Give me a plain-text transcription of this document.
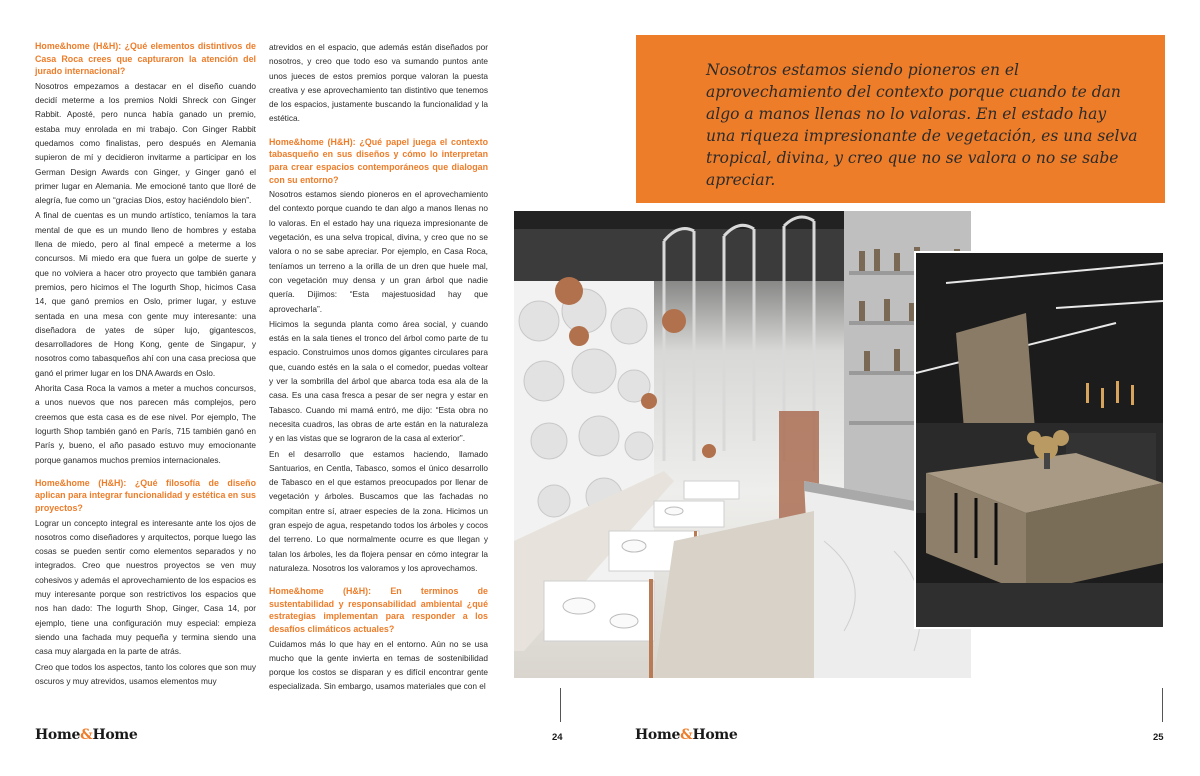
Home&home (H&H): ¿Qué elementos distintivos de Casa Roca crees que capturaron la atención del jurado internacional?
Nosotros empezamos a destacar en el diseño cuando decidí meterme a los premios Noldi Shreck con Ginger Rabbit. Aposté, pero nunca había ganado un premio, estaba muy enrolada en mi trabajo. Con Ginger Rabbit quedamos como finalistas, pero después en Alemania supieron de mí y decidieron invitarme a participar en los German Design Awards con Ginger, y Ginger ganó el primer lugar en Alemania. Me emocioné tanto que lloré de alegría, fue como un “gracias Dios, estoy haciéndolo bien”.
A final de cuentas es un mundo artístico, teníamos la tara mental de que es un mundo lleno de hombres y estaba llena de miedo, pero al final empecé a meterme a los concursos. Mi miedo era que fuera un golpe de suerte y que no volviera a hacer otro proyecto que también ganara premios, pero hicimos el The Iogurth Shop, hicimos Casa 14, que ganó premios en Oslo, primer lugar, y estuve sentada en una mesa con gente muy interesante: una diseñadora de yates de súper lujo, gigantescos, desarrolladores de Hong Kong, gente de Singapur, y nosotros como tabasqueños ahí con una casa preciosa que ganó el primer lugar en los DNA Awards en Oslo.
Ahorita Casa Roca la vamos a meter a muchos concursos, a unos nuevos que nos parecen más complejos, pero creemos que esta casa es de ese nivel. Por ejemplo, The Iogurth Shop también ganó en París, 715 también ganó en París y, bueno, el año pasado estuvo muy emocionante porque ganamos muchos premios internacionales.
Home&home (H&H): ¿Qué filosofía de diseño aplican para integrar funcionalidad y estética en sus proyectos?
Lograr un concepto integral es interesante ante los ojos de nosotros como diseñadores y arquitectos, porque luego las cosas se pueden sentir como elementos separados y no integrados. Creo que nuestros proyectos se ven muy cohesivos y además el aprovechamiento de los espacios es muy interesante porque son restrictivos los espacios que nos han dado: The Iogurth Shop, Ginger, Casa 14, por ejemplo, tiene una configuración muy especial: empieza siendo una fachada muy pequeña y termina siendo una casa muy alargada en la parte de atrás.
Creo que todos los aspectos, tanto los colores que son muy oscuros y muy atrevidos, usamos elementos muy
atrevidos en el espacio, que además están diseñados por nosotros, y creo que todo eso va sumando puntos ante unos jueces de estos premios porque valoran la puesta creativa y ese aprovechamiento tan distintivo que tenemos de los espacios, justamente buscando la funcionalidad y la estética.
Home&home (H&H): ¿Qué papel juega el contexto tabasqueño en sus diseños y cómo lo interpretan para crear espacios contemporáneos que dialogan con su entorno?
Nosotros estamos siendo pioneros en el aprovechamiento del contexto porque cuando te dan algo a manos llenas no lo valoras. En el estado hay una riqueza impresionante de vegetación, es una selva tropical, divina, y creo que no se valora o no se sabe apreciar. Por ejemplo, en Casa Roca, teníamos un terreno a la orilla de un dren que huele mal, con vegetación muy densa y un gran árbol que nadie quería. Dijimos: “Esta majestuosidad hay que aprovecharla”.
Hicimos la segunda planta como área social, y cuando estás en la sala tienes el tronco del árbol como parte de tu espacio. Construimos unos domos gigantes circulares para que, cuando estés en la sala o el comedor, puedas voltear y ver la sombrilla del árbol que abarca toda esa ala de la casa. Es una casa fresca a pesar de ser negra y estar en Tabasco. Cuando mi mamá entró, me dijo: “Esta obra no necesita cuadros, las obras de arte están en la naturaleza y en las vistas que se lograron de la casa al exterior”.
En el desarrollo que estamos haciendo, llamado Santuarios, en Centla, Tabasco, somos el único desarrollo de Tabasco en el que estamos preocupados por llenar de vegetación y árboles. Buscamos que las fachadas no compitan entre sí, atraer especies de la zona. Hicimos un gran espejo de agua, respetando todos los árboles y cocos del terreno. Lo que normalmente ocurre es que llegan y talan los árboles, les da flojera pensar en cómo integrar la naturaleza. Nosotros los valoramos y los aprovechamos.
Home&home (H&H): En terminos de sustentabilidad y responsabilidad ambiental ¿qué estrategias implementan para responder a los desafíos climáticos actuales?
Cuidamos más lo que hay en el entorno. Aún no se usa mucho que la gente invierta en temas de sostenibilidad porque los costos se disparan y es difícil encontrar gente especializada. Sin embargo, usamos materiales que con el
Home&Home	24
Nosotros estamos siendo pioneros en el aprovechamiento del contexto porque cuando te dan algo a manos llenas no lo valoras. En el estado hay una riqueza impresionante de vegetación, es una selva tropical, divina, y creo que no se valora o no se sabe apreciar.
Home&Home	25
